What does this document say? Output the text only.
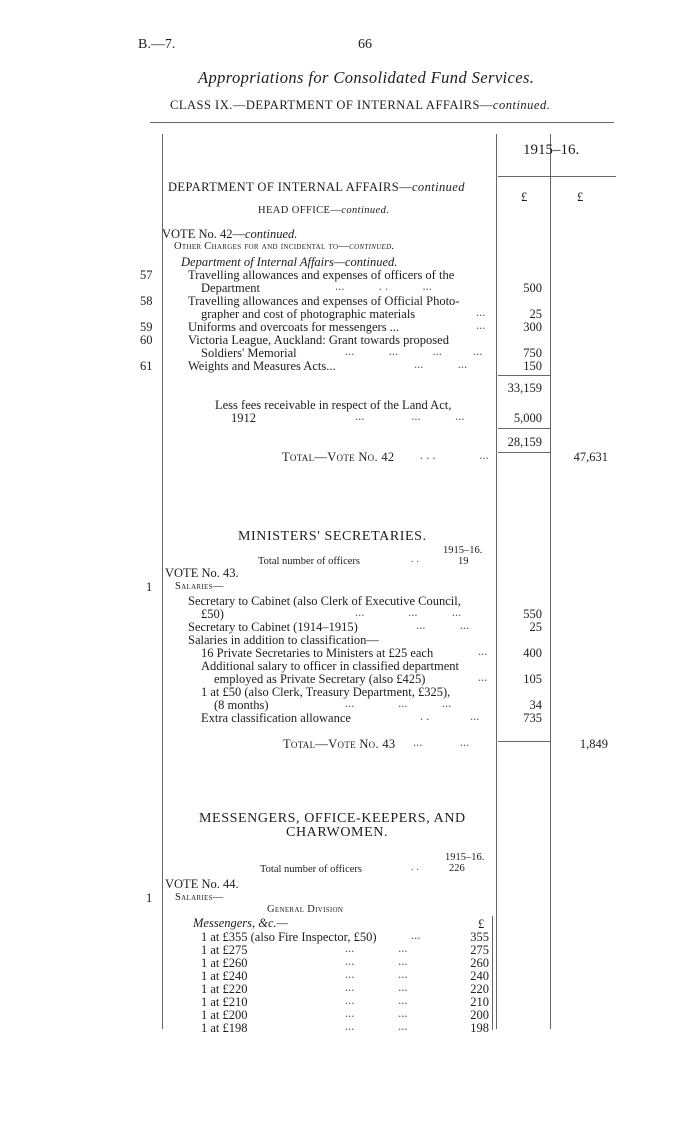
B.—7.	66
Appropriations for Consolidated Fund Services.
CLASS IX.—DEPARTMENT OF INTERNAL AFFAIRS—continued.
1915–16.
£	£
DEPARTMENT OF INTERNAL AFFAIRS—continued
HEAD OFFICE—continued.
VOTE No. 42—continued.
Other Charges for and incidental to—continued.
Department of Internal Affairs—continued.
57	Travelling allowances and expenses of officers of the
Department	...           . .           ...	500
58	Travelling allowances and expenses of Official Photo-
grapher and cost of photographic materials	...	25
59	Uniforms and overcoats for messengers ...	...	300
60	Victoria League, Auckland: Grant towards proposed
Soldiers' Memorial	...           ...           ...          ...	750
61	Weights and Measures Acts...	...           ...	150
33,159
Less fees receivable in respect of the Land Act,
1912	...               ...           ...	5,000
28,159
Total—Vote No. 42 . . .              ...	47,631
MINISTERS' SECRETARIES.
1915–16.
Total number of officers	. .	19
VOTE No. 43.
1 Salaries—
Secretary to Cabinet (also Clerk of Executive Council,
£50)	...              ...           ...	550
Secretary to Cabinet (1914–1915)	...           ...	25
Salaries in addition to classification—
16 Private Secretaries to Ministers at £25 each	...	400
Additional salary to officer in classified department
employed as Private Secretary (also £425)	...	105
1 at £50 (also Clerk, Treasury Department, £325),
(8 months)	...              ...           ...	34
Extra classification allowance	. .             ...	735
Total—Vote No. 43 ...            ...	1,849
MESSENGERS, OFFICE-KEEPERS, AND
CHARWOMEN.
1915–16.
Total number of officers	. .	226
VOTE No. 44.
1 Salaries—
General Division
Messengers, &c.—	£
1 at £355 (also Fire Inspector, £50)	...	355
1 at £275	...              ...	275
1 at £260	...              ...	260
1 at £240	...              ...	240
1 at £220	...              ...	220
1 at £210	...              ...	210
1 at £200	...              ...	200
1 at £198	...              ...	198
